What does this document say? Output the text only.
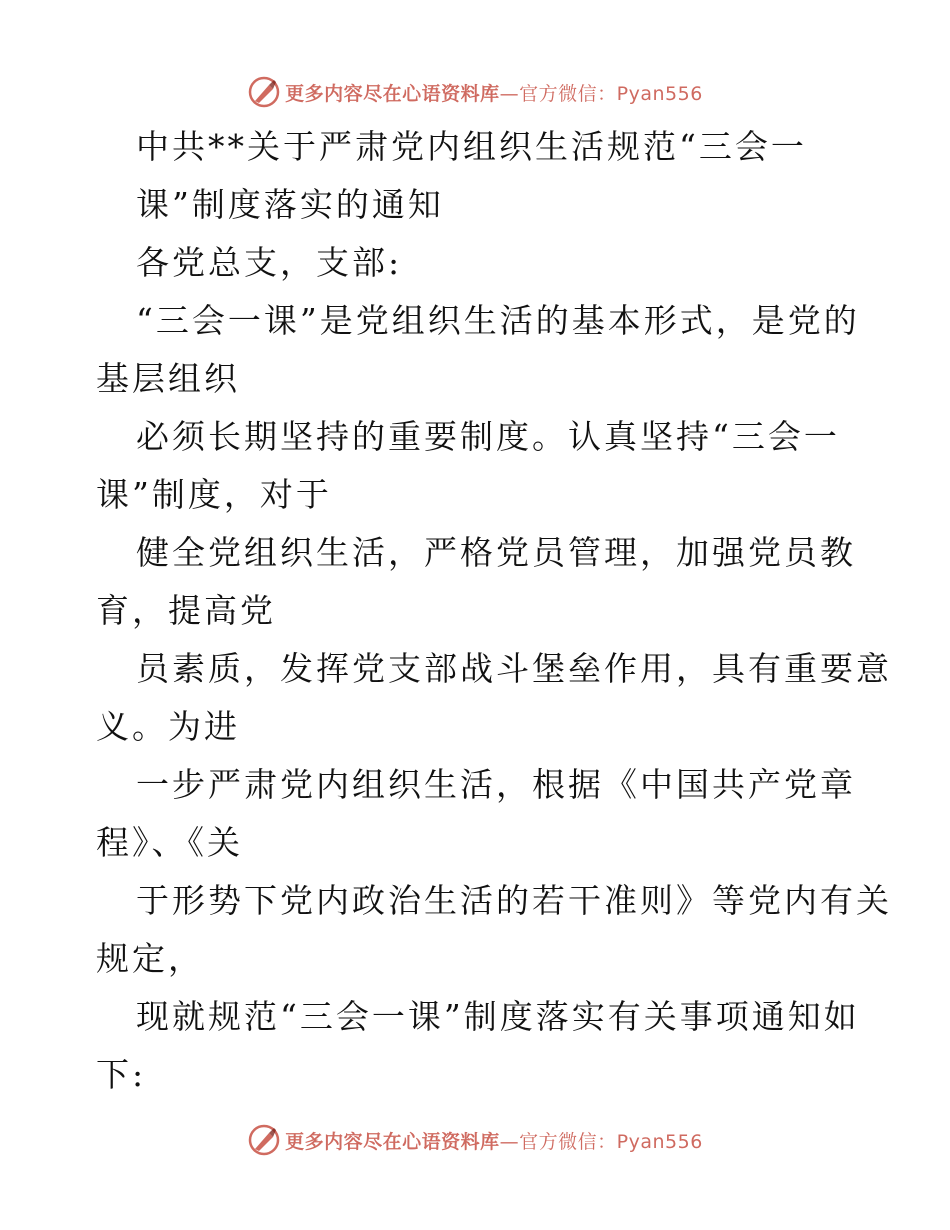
更多内容尽在心语资料库—官方微信：Pyan556
中共**关于严肃党内组织生活规范“三会一
课”制度落实的通知
各党总支，支部:
“三会一课”是党组织生活的基本形式，是党的
基层组织
必须长期坚持的重要制度。认真坚持“三会一
课”制度，对于
健全党组织生活，严格党员管理，加强党员教
育，提高党
员素质，发挥党支部战斗堡垒作用，具有重要意
义。为进
一步严肃党内组织生活，根据《中国共产党章
程》、《关
于形势下党内政治生活的若干准则》等党内有关
规定，
现就规范“三会一课”制度落实有关事项通知如
下:
更多内容尽在心语资料库—官方微信：Pyan556
